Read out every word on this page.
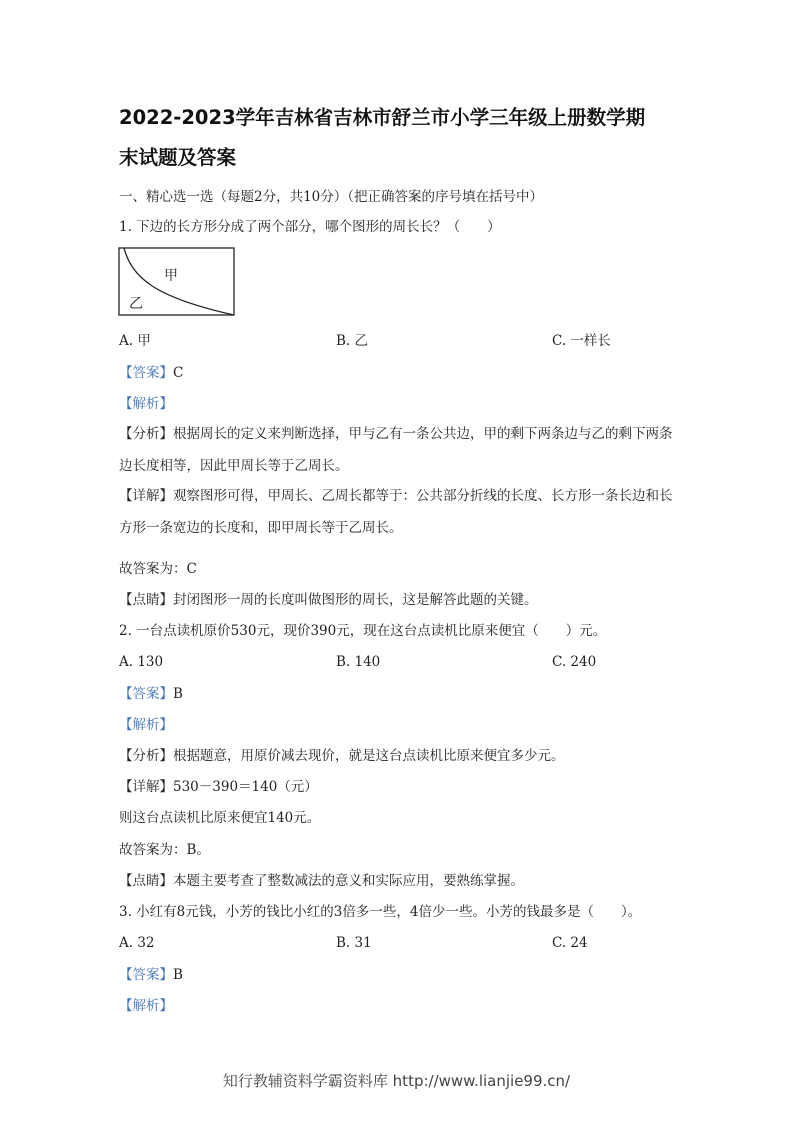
2022-2023学年吉林省吉林市舒兰市小学三年级上册数学期
末试题及答案
一、精心选一选（每题2分，共10分）（把正确答案的序号填在括号中）
1. 下边的长方形分成了两个部分，哪个图形的周长长？（　　）
甲
乙
A. 甲	B. 乙	C. 一样长
【答案】C
【解析】
【分析】根据周长的定义来判断选择，甲与乙有一条公共边，甲的剩下两条边与乙的剩下两条边长度相等，因此甲周长等于乙周长。
【详解】观察图形可得，甲周长、乙周长都等于：公共部分折线的长度、长方形一条长边和长方形一条宽边的长度和，即甲周长等于乙周长。
故答案为：C
【点睛】封闭图形一周的长度叫做图形的周长，这是解答此题的关键。
2. 一台点读机原价530元，现价390元，现在这台点读机比原来便宜（　　）元。
A. 130	B. 140	C. 240
【答案】B
【解析】
【分析】根据题意，用原价减去现价，就是这台点读机比原来便宜多少元。
【详解】530－390＝140（元）
则这台点读机比原来便宜140元。
故答案为：B。
【点睛】本题主要考查了整数减法的意义和实际应用，要熟练掌握。
3. 小红有8元钱，小芳的钱比小红的3倍多一些，4倍少一些。小芳的钱最多是（　　）。
A. 32	B. 31	C. 24
【答案】B
【解析】
知行教辅资料学霸资料库 http://www.lianjie99.cn/
